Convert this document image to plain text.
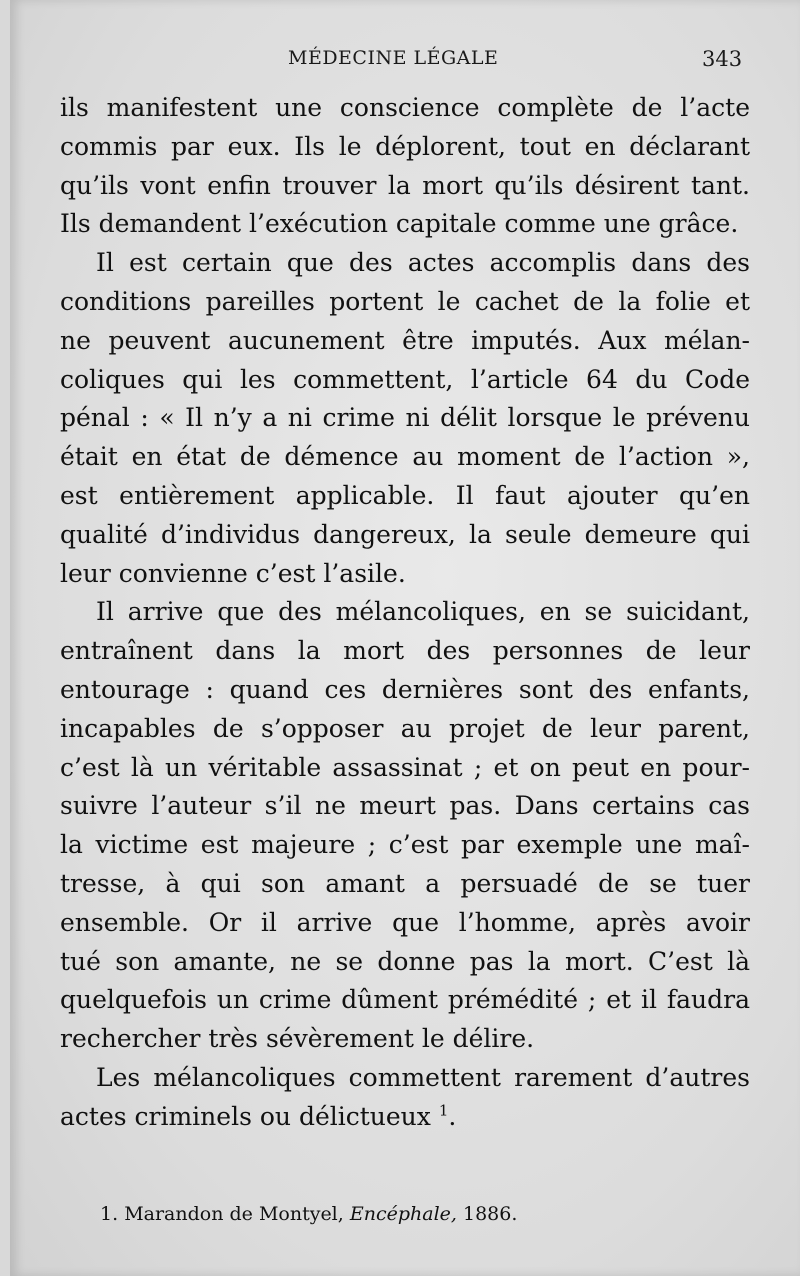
MÉDECINE LÉGALE	343

ils manifestent une conscience complète de l’acte
commis par eux. Ils le déplorent, tout en déclarant
qu’ils vont enfin trouver la mort qu’ils désirent tant.
Ils demandent l’exécution capitale comme une grâce.

Il est certain que des actes accomplis dans des
conditions pareilles portent le cachet de la folie et
ne peuvent aucunement être imputés. Aux mélan-
coliques qui les commettent, l’article 64 du Code
pénal : « Il n’y a ni crime ni délit lorsque le prévenu
était en état de démence au moment de l’action »,
est entièrement applicable. Il faut ajouter qu’en
qualité d’individus dangereux, la seule demeure qui
leur convienne c’est l’asile.

Il arrive que des mélancoliques, en se suicidant,
entraînent dans la mort des personnes de leur
entourage : quand ces dernières sont des enfants,
incapables de s’opposer au projet de leur parent,
c’est là un véritable assassinat ; et on peut en pour-
suivre l’auteur s’il ne meurt pas. Dans certains cas
la victime est majeure ; c’est par exemple une maî-
tresse, à qui son amant a persuadé de se tuer
ensemble. Or il arrive que l’homme, après avoir
tué son amante, ne se donne pas la mort. C’est là
quelquefois un crime dûment prémédité ; et il faudra
rechercher très sévèrement le délire.

Les mélancoliques commettent rarement d’autres
actes criminels ou délictueux $^1$.

1. Marandon de Montyel, Encéphale, 1886.
